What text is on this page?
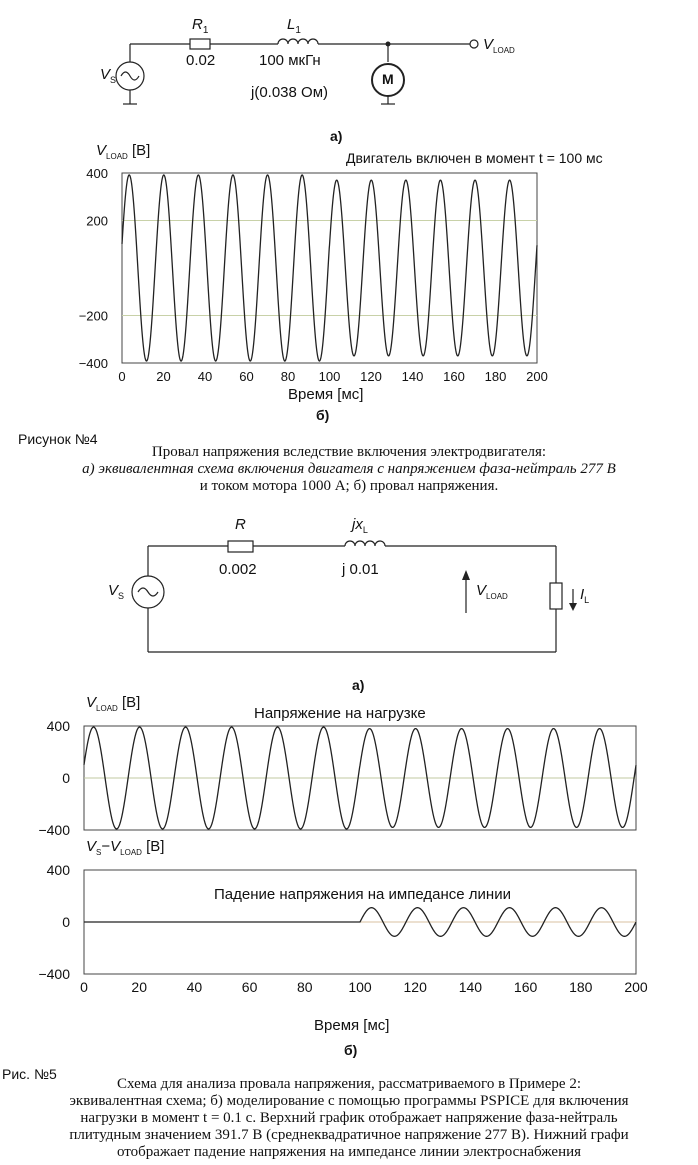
$R_1$
0.02
$L_1$
100 мкГн
j(0.038 Ом)
$V_S$
$V_{LOAD}$
M
а)
$V_{LOAD}$ [В]	Двигатель включен в момент t = 100 мс
400
200
−200
−400
0 20 40 60 80 100 120 140 160 180 200
Время [мс]
б)
Рисунок №4
Провал напряжения вследствие включения электродвигателя:
а) эквивалентная схема включения двигателя с напряжением фаза-нейтраль 277 В
и током мотора 1000 А; б) провал напряжения.
R
0.002
$jx_L$
j 0.01
$V_S$	$V_{LOAD}$	$I_L$
а)
$V_{LOAD}$ [В]
Напряжение на нагрузке
$V_S-V_{LOAD}$ [В]
Падение напряжения на импедансе линии
400
0
−400
400
0
−400
0	20	40	60	80	100 120 140 160 180 200
Время [мс]
б)
Рис. №5
Схема для анализа провала напряжения, рассматриваемого в Примере 2:
эквивалентная схема; б) моделирование с помощью программы PSPICE для включения
нагрузки в момент t = 0.1 с. Верхний график отображает напряжение фаза-нейтраль
плитудным значением 391.7 В (среднеквадратичное напряжение 277 В). Нижний графи
отображает падение напряжения на импедансе линии электроснабжения
